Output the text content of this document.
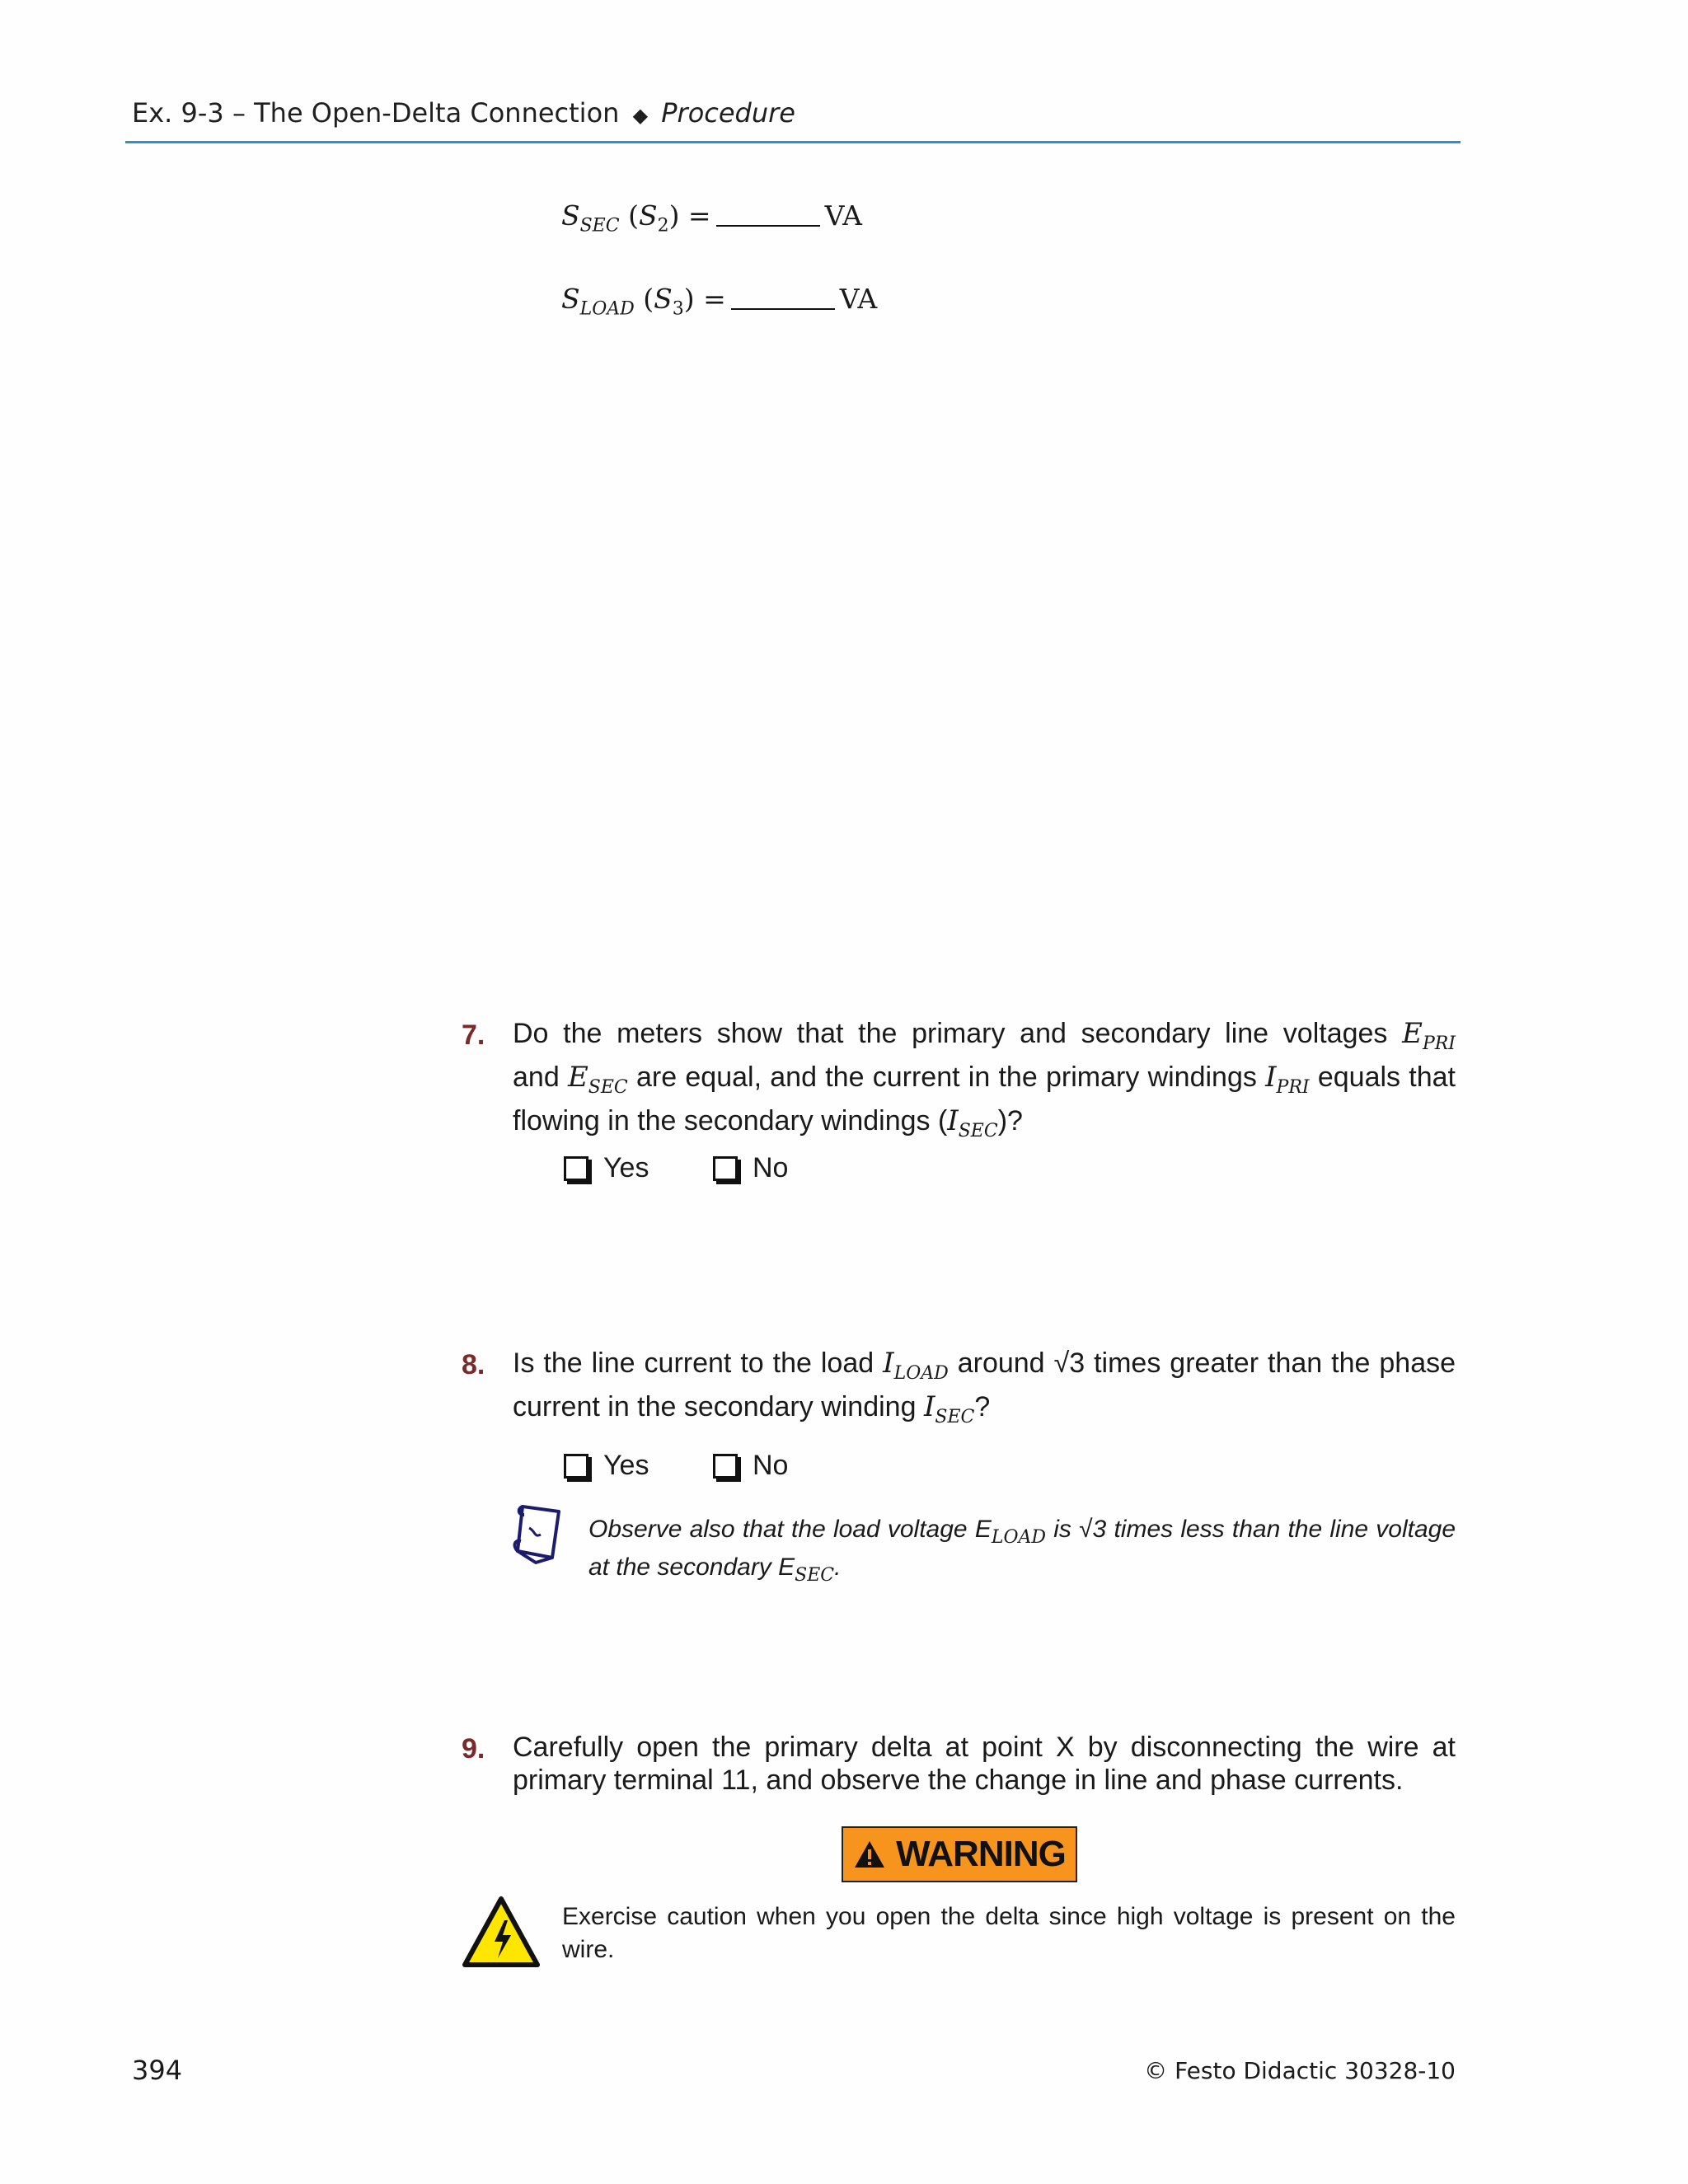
Ex. 9-3 – The Open-Delta Connection ◆ Procedure
$S_{SEC}$ $(S_2)$ =	VA
$S_{LOAD}$ $(S_3)$ =	VA
7. Do the meters show that the primary and secondary line voltages $E_{PRI}$
and $E_{SEC}$ are equal, and the current in the primary windings $I_{PRI}$ equals that
flowing in the secondary windings $(I_{SEC})$?
Yes	No
8. Is the line current to the load $I_{LOAD}$ around √3 times greater than the phase
current in the secondary winding $I_{SEC}$?
Yes	No
Observe also that the load voltage $E_{LOAD}$ is √3 times less than the line voltage
at the secondary $E_{SEC}$.
9. Carefully open the primary delta at point X by disconnecting the wire at primary terminal 11, and observe the change in line and phase currents.
WARNING
Exercise caution when you open the delta since high voltage is present on the wire.
394	© Festo Didactic 30328-10
